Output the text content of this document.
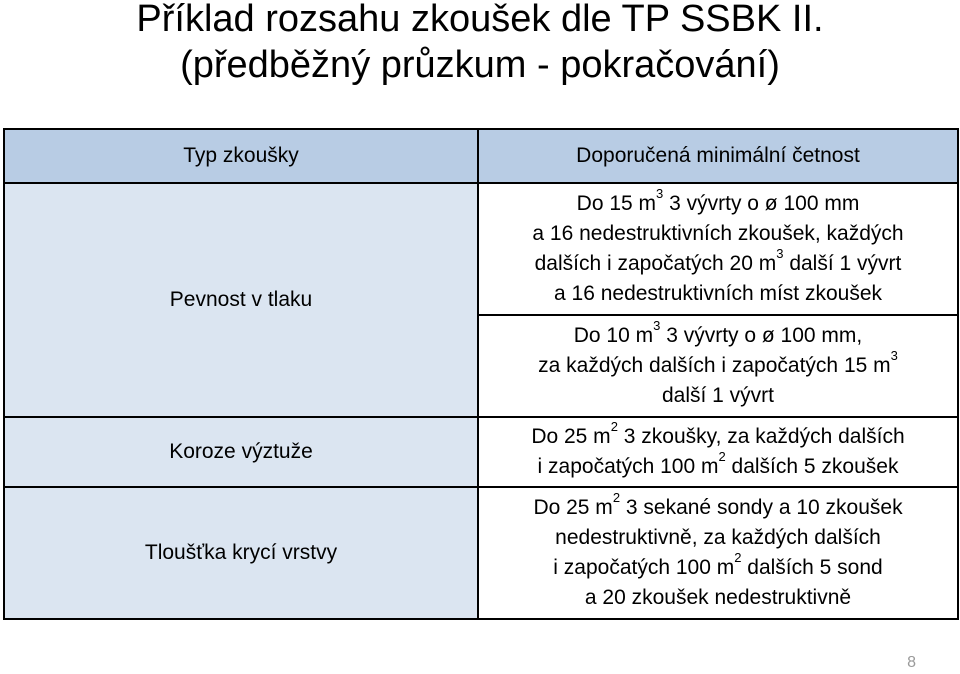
Příklad rozsahu zkoušek dle TP SSBK II.
(předběžný průzkum - pokračování)
Typ zkoušky	Doporučená minimální četnost
Pevnost v tlaku	Do 15 $m^3$ 3 vývrty o ø 100 mm
a 16 nedestruktivních zkoušek, každých
dalších i započatých 20 $m^3$ další 1 vývrt
a 16 nedestruktivních míst zkoušek

	Do 10 $m^3$ 3 vývrty o ø 100 mm,
za každých dalších i započatých 15 $m^3$
další 1 vývrt

Koroze výztuže	Do 25 $m^2$ 3 zkoušky, za každých dalších
i započatých 100 $m^2$ dalších 5 zkoušek

Tloušťka krycí vrstvy	Do 25 $m^2$ 3 sekané sondy a 10 zkoušek
nedestruktivně, za každých dalších
i započatých 100 $m^2$ dalších 5 sond
a 20 zkoušek nedestruktivně
8
